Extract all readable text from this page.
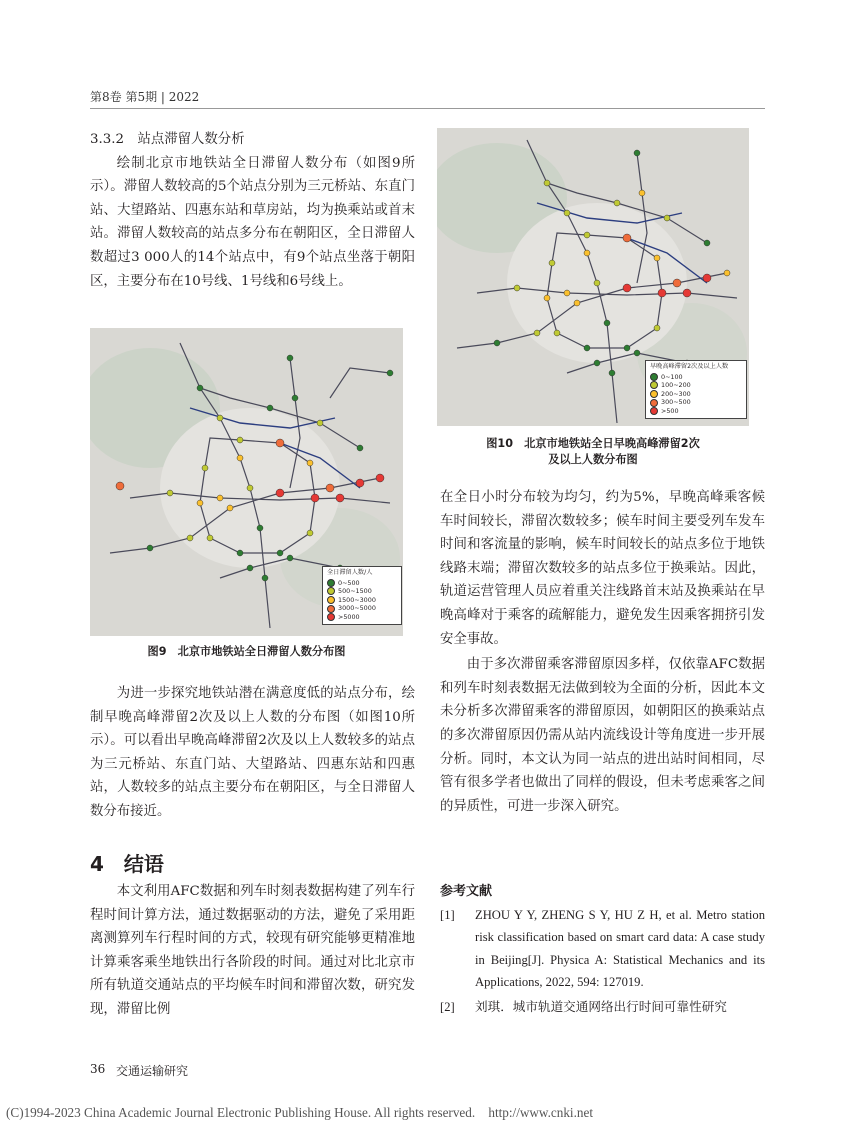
第8卷 第5期 | 2022

3.3.2　站点滞留人数分析

绘制北京市地铁站全日滞留人数分布（如图9所示）。滞留人数较高的5个站点分别为三元桥站、东直门站、大望路站、四惠东站和草房站，均为换乘站或首末站。滞留人数较高的站点多分布在朝阳区，全日滞留人数超过3 000人的14个站点中，有9个站点坐落于朝阳区，主要分布在10号线、1号线和6号线上。

全日滞留人数/人
0~500
500~1500
1500~3000
3000~5000
>5000
图9　北京市地铁站全日滞留人数分布图

为进一步探究地铁站潜在满意度低的站点分布，绘制早晚高峰滞留2次及以上人数的分布图（如图10所示）。可以看出早晚高峰滞留2次及以上人数较多的站点为三元桥站、东直门站、大望路站、四惠东站和四惠站，人数较多的站点主要分布在朝阳区，与全日滞留人数分布接近。

4　结语

本文利用AFC数据和列车时刻表数据构建了列车行程时间计算方法，通过数据驱动的方法，避免了采用距离测算列车行程时间的方式，较现有研究能够更精准地计算乘客乘坐地铁出行各阶段的时间。通过对比北京市所有轨道交通站点的平均候车时间和滞留次数，研究发现，滞留比例

早晚高峰滞留2次及以上人数
0~100
100~200
200~300
300~500
>500
图10　北京市地铁站全日早晚高峰滞留2次
及以上人数分布图

在全日小时分布较为均匀，约为5%，早晚高峰乘客候车时间较长，滞留次数较多；候车时间主要受列车发车时间和客流量的影响，候车时间较长的站点多位于地铁线路末端；滞留次数较多的站点多位于换乘站。因此，轨道运营管理人员应着重关注线路首末站及换乘站在早晚高峰对于乘客的疏解能力，避免发生因乘客拥挤引发安全事故。

由于多次滞留乘客滞留原因多样，仅依靠AFC数据和列车时刻表数据无法做到较为全面的分析，因此本文未分析多次滞留乘客的滞留原因，如朝阳区的换乘站点的多次滞留原因仍需从站内流线设计等角度进一步开展分析。同时，本文认为同一站点的进出站时间相同，尽管有很多学者也做出了同样的假设，但未考虑乘客之间的异质性，可进一步深入研究。

参考文献
[1] ZHOU Y Y, ZHENG S Y, HU Z H, et al. Metro station risk classification based on smart card data: A case study in Beijing[J]. Physica A: Statistical Mechanics and its Applications, 2022, 594: 127019.
[2] 刘琪．城市轨道交通网络出行时间可靠性研究
36 交通运输研究
(C)1994-2023 China Academic Journal Electronic Publishing House. All rights reserved.　http://www.cnki.net
